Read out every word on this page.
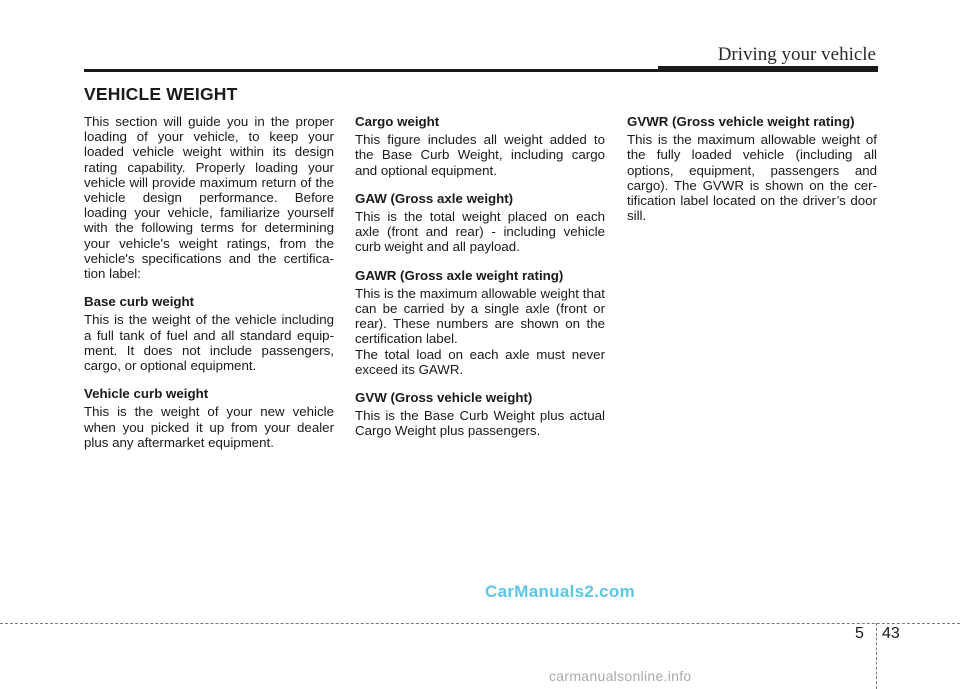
Driving your vehicle
VEHICLE WEIGHT

This section will guide you in the proper loading of your vehicle, to keep your loaded vehicle weight within its design rating capability. Properly loading your vehicle will provide maximum return of the vehicle design performance. Before loading your vehicle, familiarize yourself with the following terms for determining your vehicle's weight ratings, from the vehicle's specifications and the certifica-tion label:

Base curb weight

This is the weight of the vehicle including a full tank of fuel and all standard equip-ment. It does not include passengers, cargo, or optional equipment.

Vehicle curb weight

This is the weight of your new vehicle when you picked it up from your dealer plus any aftermarket equipment.

Cargo weight

This figure includes all weight added to the Base Curb Weight, including cargo and optional equipment.

GAW (Gross axle weight)

This is the total weight placed on each axle (front and rear) - including vehicle curb weight and all payload.

GAWR (Gross axle weight rating)

This is the maximum allowable weight that can be carried by a single axle (front or rear). These numbers are shown on the certification label.

The total load on each axle must never exceed its GAWR.

GVW (Gross vehicle weight)

This is the Base Curb Weight plus actual Cargo Weight plus passengers.

GVWR (Gross vehicle weight rating)

This is the maximum allowable weight of the fully loaded vehicle (including all options, equipment, passengers and cargo). The GVWR is shown on the cer-tification label located on the driver’s door sill.

CarManuals2.com
5 43
carmanualsonline.info
